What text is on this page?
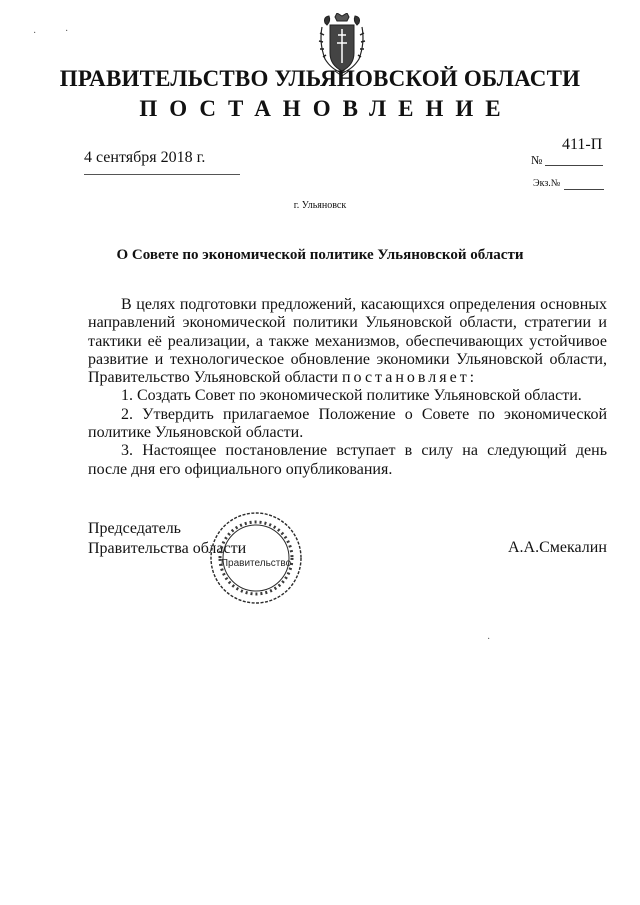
ПРАВИТЕЛЬСТВО УЛЬЯНОВСКОЙ ОБЛАСТИ
ПОСТАНОВЛЕНИЕ
4 сентября 2018 г.
411-П
№
Экз.№
г. Ульяновск
О Совете по экономической политике Ульяновской области

В целях подготовки предложений, касающихся определения основных направлений экономической политики Ульяновской области, стратегии и тактики её реализации, а также механизмов, обеспечивающих устойчивое развитие и технологическое обновление экономики Ульяновской области, Правительство Ульяновской области постановляет:

1. Создать Совет по экономической политике Ульяновской области.

2. Утвердить прилагаемое Положение о Совете по экономической политике Ульяновской области.

3. Настоящее постановление вступает в силу на следующий день после дня его официального опубликования.

Председатель
Правительства области	А.А.Смекалин
Правительство
·	·
·
